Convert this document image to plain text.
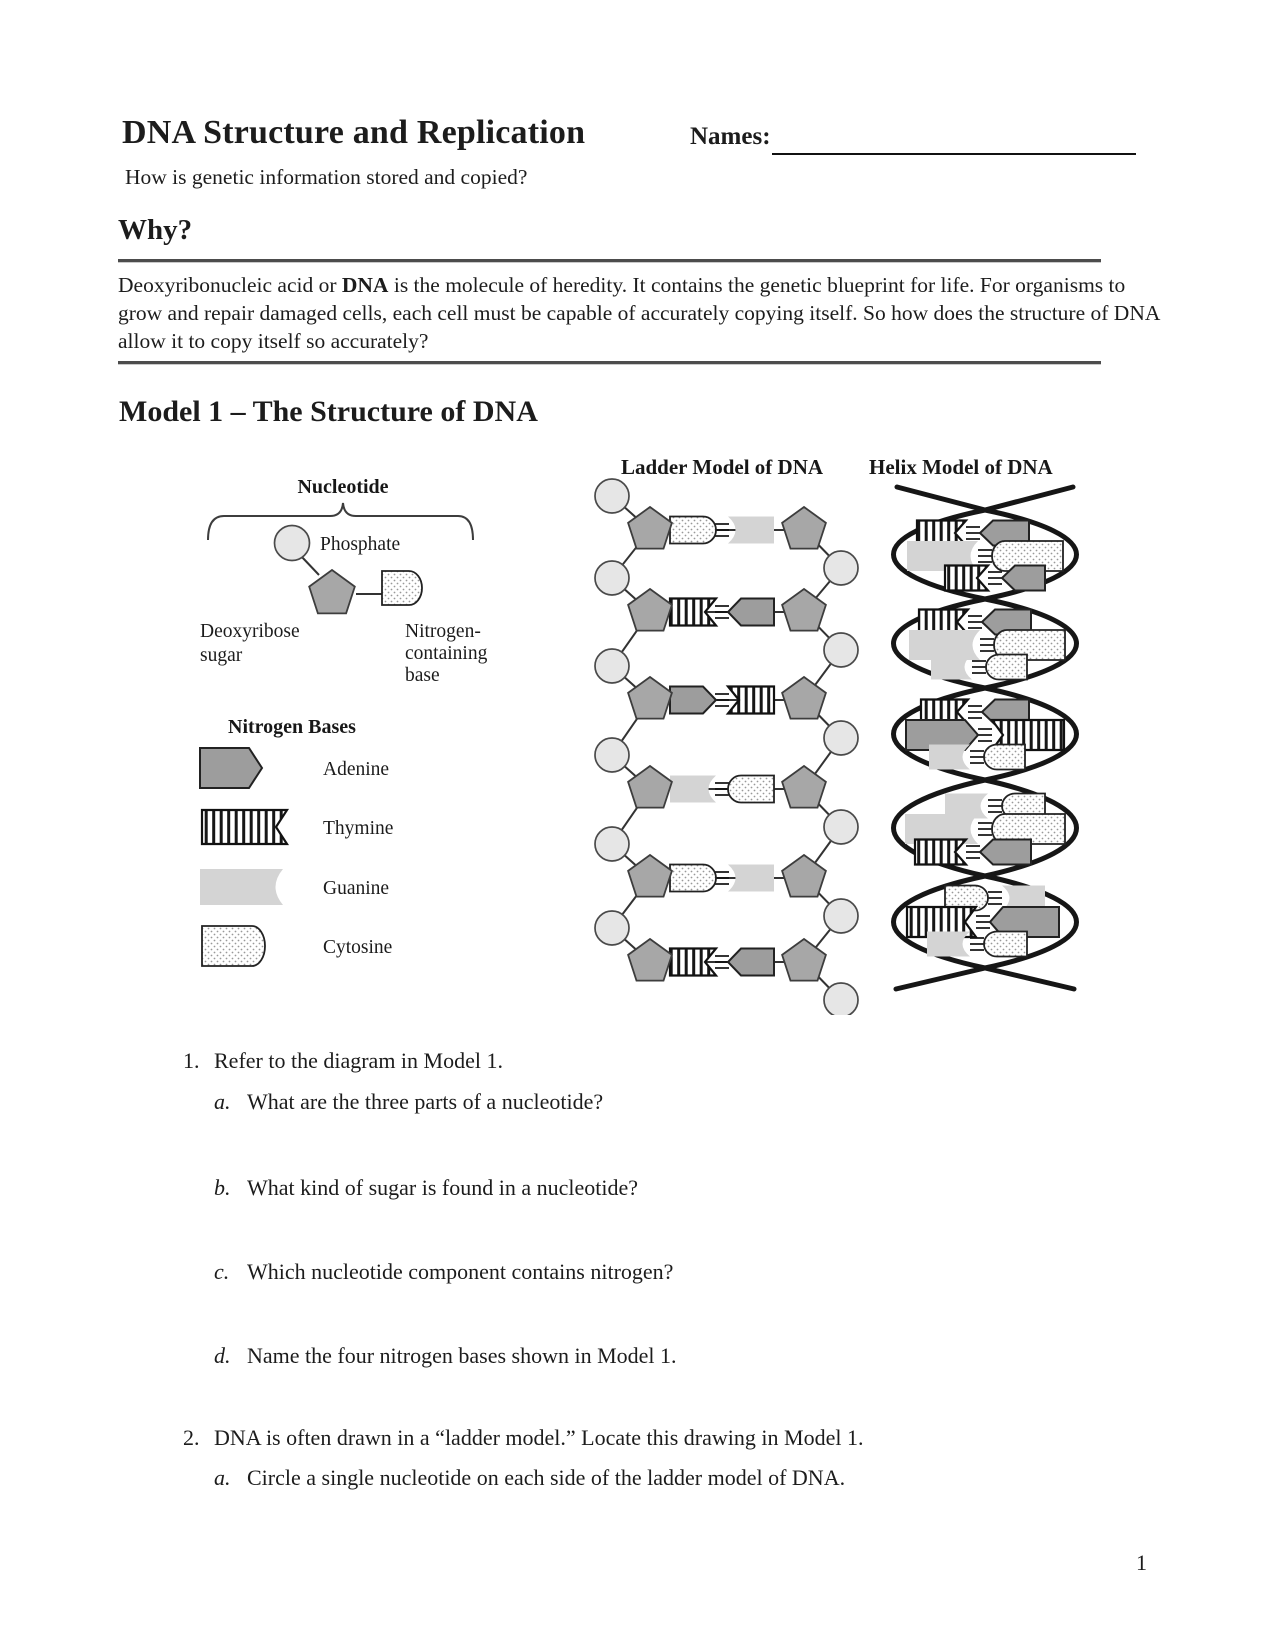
DNA Structure and Replication	Names:
How is genetic information stored and copied?
Why?
Deoxyribonucleic acid or DNA is the molecule of heredity. It contains the genetic blueprint for life. For organisms to grow and repair damaged cells, each cell must be capable of accurately copying itself. So how does the structure of DNA allow it to copy itself so accurately?
Model 1 – The Structure of DNA
Ladder Model of DNA Helix Model of DNA
Nucleotide
Phosphate
Deoxyribose
sugar
Nitrogen-
containing
base
Nitrogen Bases
Adenine
Thymine
Guanine
Cytosine
1. Refer to the diagram in Model 1.
a. What are the three parts of a nucleotide?
b. What kind of sugar is found in a nucleotide?
c. Which nucleotide component contains nitrogen?
d. Name the four nitrogen bases shown in Model 1.
2. DNA is often drawn in a “ladder model.” Locate this drawing in Model 1.
a. Circle a single nucleotide on each side of the ladder model of DNA.
1
